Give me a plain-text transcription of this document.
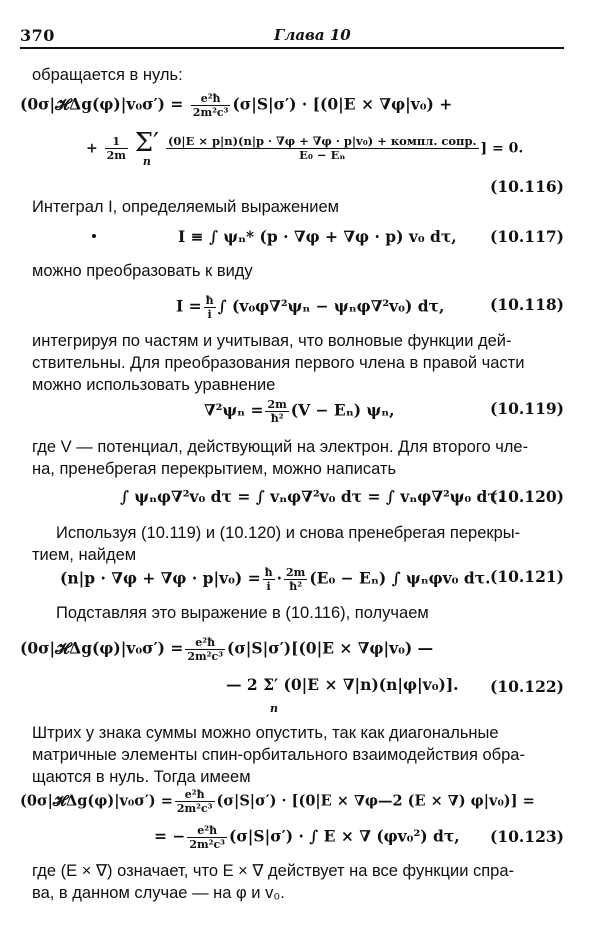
370	Глава 10
обращается в нуль:
(0σ|𝓗Δg(φ)|v₀σ′) = $\frac{\text{e²ħ}}{\text{2m²c³}} (\sigma|S|\sigma') \cdot [(0|E \times \nabla\varphi|v_0)$ +
+ $\frac{1}{2m}$
Σ′
n
	$\frac{\text{(0|E × p|n)(n|p · ∇φ + ∇φ · p|v₀) + компл. сопр.}}{\text{E₀ − Eₙ}}$ ] = 0.
(10.116)
Интеграл I, определяемый выражением
I ≡ ∫ ψₙ* (p · ∇φ + ∇φ · p) v₀ dτ, (10.117)
можно преобразовать к виду
$I = \frac{ħ}{i}$ ∫ (v₀φ∇²ψₙ − ψₙφ∇²v₀) dτ,	(10.118)
интегрируя по частям и учитывая, что волновые функции дей-
ствительны. Для преобразования первого члена в правой части
можно использовать уравнение
$\nabla^2\psi_n = \frac{2m}{\text{ħ²}} (V - E_n)$ ψₙ,	(10.119)
где V — потенциал, действующий на электрон. Для второго чле-
на, пренебрегая перекрытием, можно написать
∫ ψₙφ∇²v₀ dτ = ∫ vₙφ∇²v₀ dτ = ∫ vₙφ∇²ψ₀ dτ.
(10.120)
Используя (10.119) и (10.120) и снова пренебрегая перекры-
тием, найдем
$(n|p \cdot \nabla\varphi + \nabla\varphi \cdot p|v_0) = \frac{ħ}{i} \cdot \frac{2m}{\text{ħ²}} (E_0 - E_n)$ ∫ ψₙφv₀ dτ. (10.121)
Подставляя это выражение в (10.116), получаем
(0σ|𝓗Δg(φ)|v₀σ′) = $\frac{\text{e²ħ}}{\text{2m²c³}} (\sigma|S|\sigma')[(0|E \times \nabla\varphi|v_0)$ —
— 2 Σ′ (0|E × ∇|n)(n|φ|v₀)].
n
(10.122)
Штрих у знака суммы можно опустить, так как диагональные
матричные элементы спин-орбитального взаимодействия обра-
щаются в нуль. Тогда имеем
(0σ|𝓗Δg(φ)|v₀σ′) = $\frac{\text{e²ħ}}{\text{2m²c³}} (\sigma|S|\sigma') \cdot [(0|E$ × ∇φ—2 (E × ∇) φ|v₀)] =
= − $\frac{\text{e²ħ}}{\text{2m²c³}} (\sigma|S|\sigma')$ · ∫ E × ∇ (φv₀²) dτ, (10.123)
где (E × ∇) означает, что E × ∇ действует на все функции спра-
ва, в данном случае — на φ и v₀.
